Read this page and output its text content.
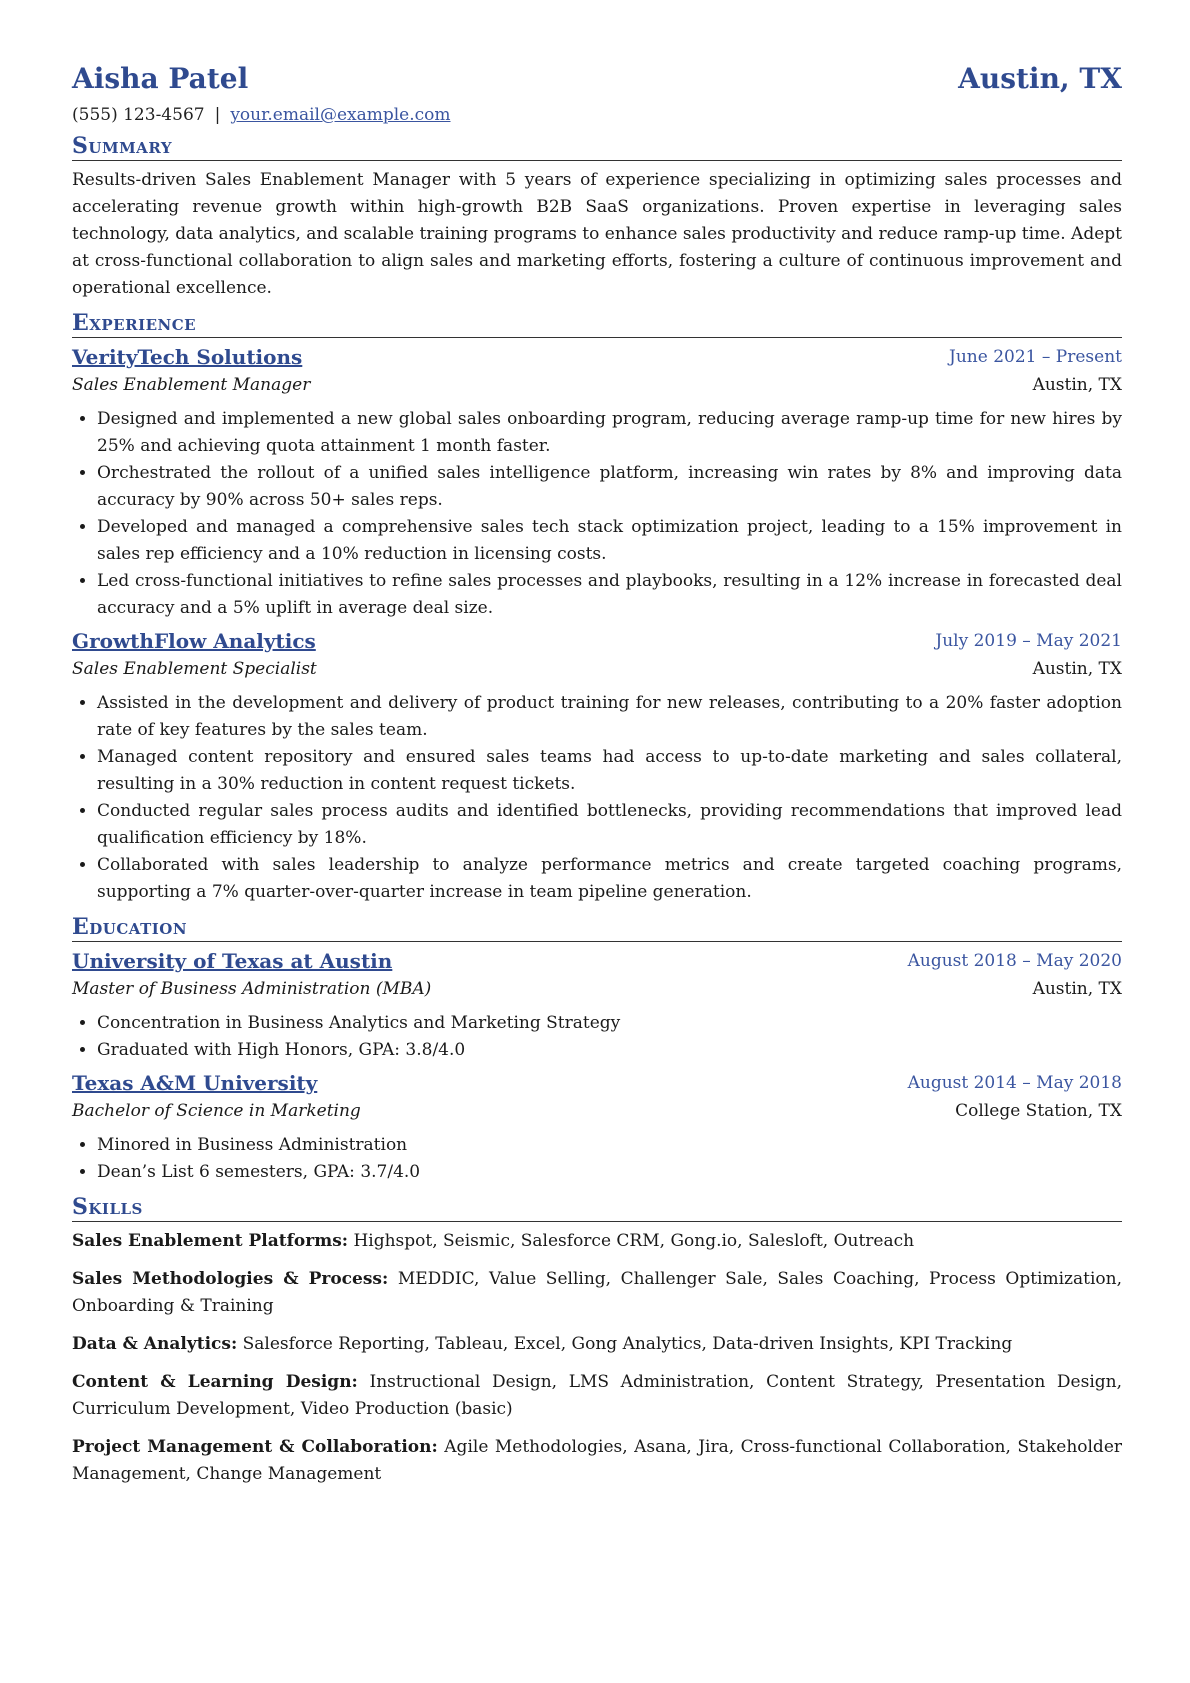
Aisha Patel	Austin, TX
(555) 123-4567 | your.email@example.com
Summary
Results-driven Sales Enablement Manager with 5 years of experience specializing in optimizing sales processes and accelerating revenue growth within high-growth B2B SaaS organizations. Proven expertise in leveraging sales technology, data analytics, and scalable training programs to enhance sales productivity and reduce ramp-up time. Adept at cross-functional collaboration to align sales and marketing efforts, fostering a culture of continuous improvement and operational excellence.
Experience
VerityTech Solutions	June 2021 – Present
Sales Enablement Manager	Austin, TX
• Designed and implemented a new global sales onboarding program, reducing average ramp-up time for new hires by 25% and achieving quota attainment 1 month faster.
• Orchestrated the rollout of a unified sales intelligence platform, increasing win rates by 8% and improving data accuracy by 90% across 50+ sales reps.
• Developed and managed a comprehensive sales tech stack optimization project, leading to a 15% improvement in sales rep efficiency and a 10% reduction in licensing costs.
• Led cross-functional initiatives to refine sales processes and playbooks, resulting in a 12% increase in forecasted deal accuracy and a 5% uplift in average deal size.
GrowthFlow Analytics	July 2019 – May 2021
Sales Enablement Specialist	Austin, TX
• Assisted in the development and delivery of product training for new releases, contributing to a 20% faster adoption rate of key features by the sales team.
• Managed content repository and ensured sales teams had access to up-to-date marketing and sales collateral, resulting in a 30% reduction in content request tickets.
• Conducted regular sales process audits and identified bottlenecks, providing recommendations that improved lead qualification efficiency by 18%.
• Collaborated with sales leadership to analyze performance metrics and create targeted coaching programs, supporting a 7% quarter-over-quarter increase in team pipeline generation.
Education
University of Texas at Austin	August 2018 – May 2020
Master of Business Administration (MBA)	Austin, TX
• Concentration in Business Analytics and Marketing Strategy
• Graduated with High Honors, GPA: 3.8/4.0
Texas A&M University	August 2014 – May 2018
Bachelor of Science in Marketing	College Station, TX
• Minored in Business Administration
• Dean’s List 6 semesters, GPA: 3.7/4.0
Skills
Sales Enablement Platforms: Highspot, Seismic, Salesforce CRM, Gong.io, Salesloft, Outreach
Sales Methodologies & Process: MEDDIC, Value Selling, Challenger Sale, Sales Coaching, Process Optimization, Onboarding & Training
Data & Analytics: Salesforce Reporting, Tableau, Excel, Gong Analytics, Data-driven Insights, KPI Tracking
Content & Learning Design: Instructional Design, LMS Administration, Content Strategy, Presentation Design, Curriculum Development, Video Production (basic)
Project Management & Collaboration: Agile Methodologies, Asana, Jira, Cross-functional Collaboration, Stakeholder Management, Change Management
